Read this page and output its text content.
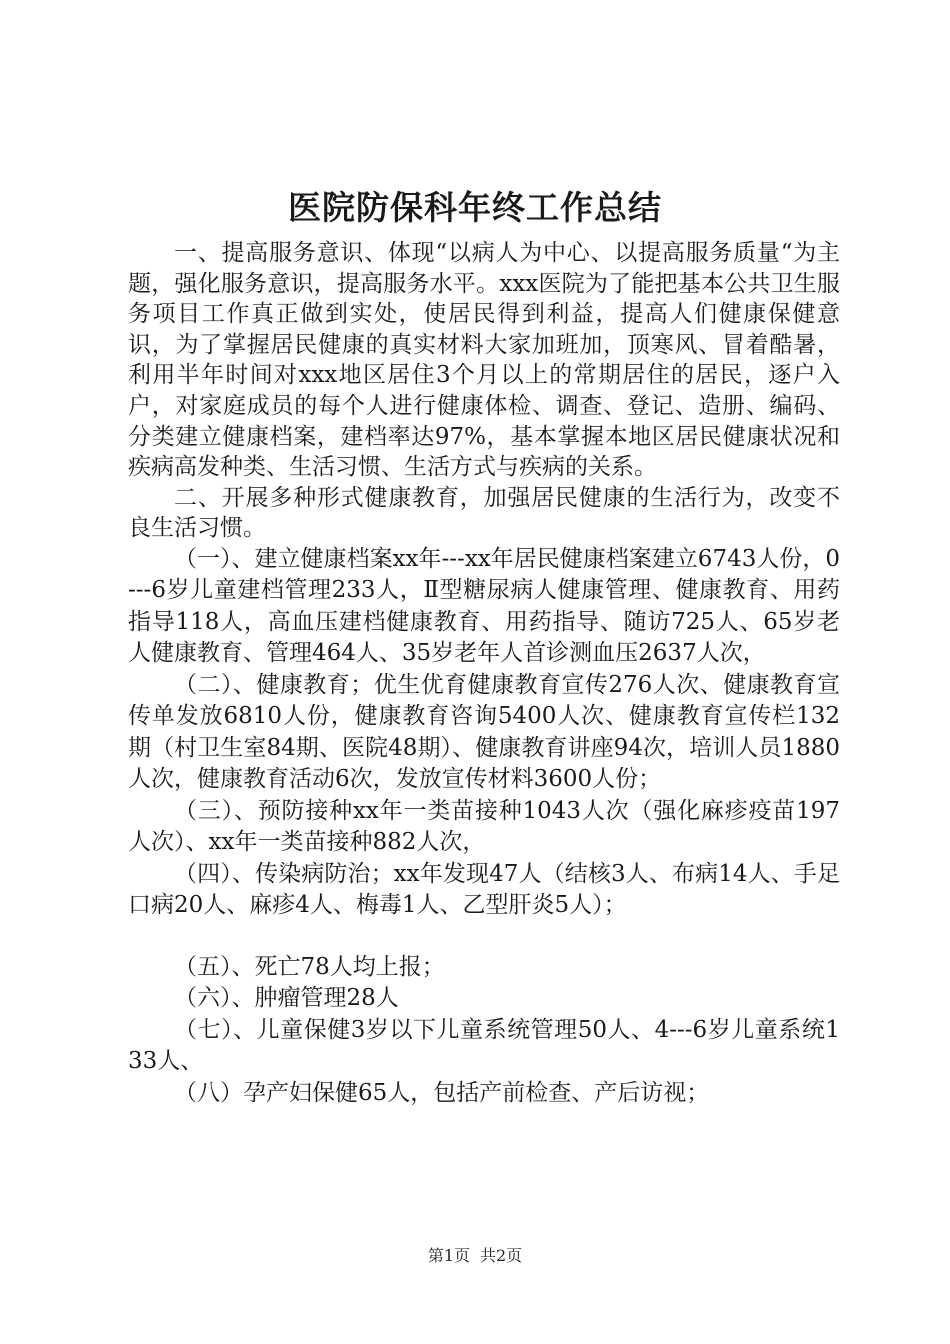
医院防保科年终工作总结

一、提高服务意识、体现“以病人为中心、以提高服务质量“为主题，强化服务意识，提高服务水平。xxx医院为了能把基本公共卫生服务项目工作真正做到实处，使居民得到利益，提高人们健康保健意识，为了掌握居民健康的真实材料大家加班加，顶寒风、冒着酷暑，利用半年时间对xxx地区居住3个月以上的常期居住的居民，逐户入户，对家庭成员的每个人进行健康体检、调查、登记、造册、编码、分类建立健康档案，建档率达97%，基本掌握本地区居民健康状况和疾病高发种类、生活习惯、生活方式与疾病的关系。

二、开展多种形式健康教育，加强居民健康的生活行为，改变不良生活习惯。

（一）、建立健康档案xx年---xx年居民健康档案建立6743人份，0---6岁儿童建档管理233人，Ⅱ型糖尿病人健康管理、健康教育、用药指导118人，高血压建档健康教育、用药指导、随访725人、65岁老人健康教育、管理464人、35岁老年人首诊测血压2637人次，

（二）、健康教育；优生优育健康教育宣传276人次、健康教育宣传单发放6810人份，健康教育咨询5400人次、健康教育宣传栏132期（村卫生室84期、医院48期）、健康教育讲座94次，培训人员1880人次，健康教育活动6次，发放宣传材料3600人份；

（三）、预防接种xx年一类苗接种1043人次（强化麻疹疫苗197人次）、xx年一类苗接种882人次，

（四）、传染病防治；xx年发现47人（结核3人、布病14人、手足口病20人、麻疹4人、梅毒1人、乙型肝炎5人）；

（五）、死亡78人均上报；

（六）、肿瘤管理28人

（七）、儿童保健3岁以下儿童系统管理50人、4---6岁儿童系统133人、

（八）孕产妇保健65人，包括产前检查、产后访视；

第1页 共2页
